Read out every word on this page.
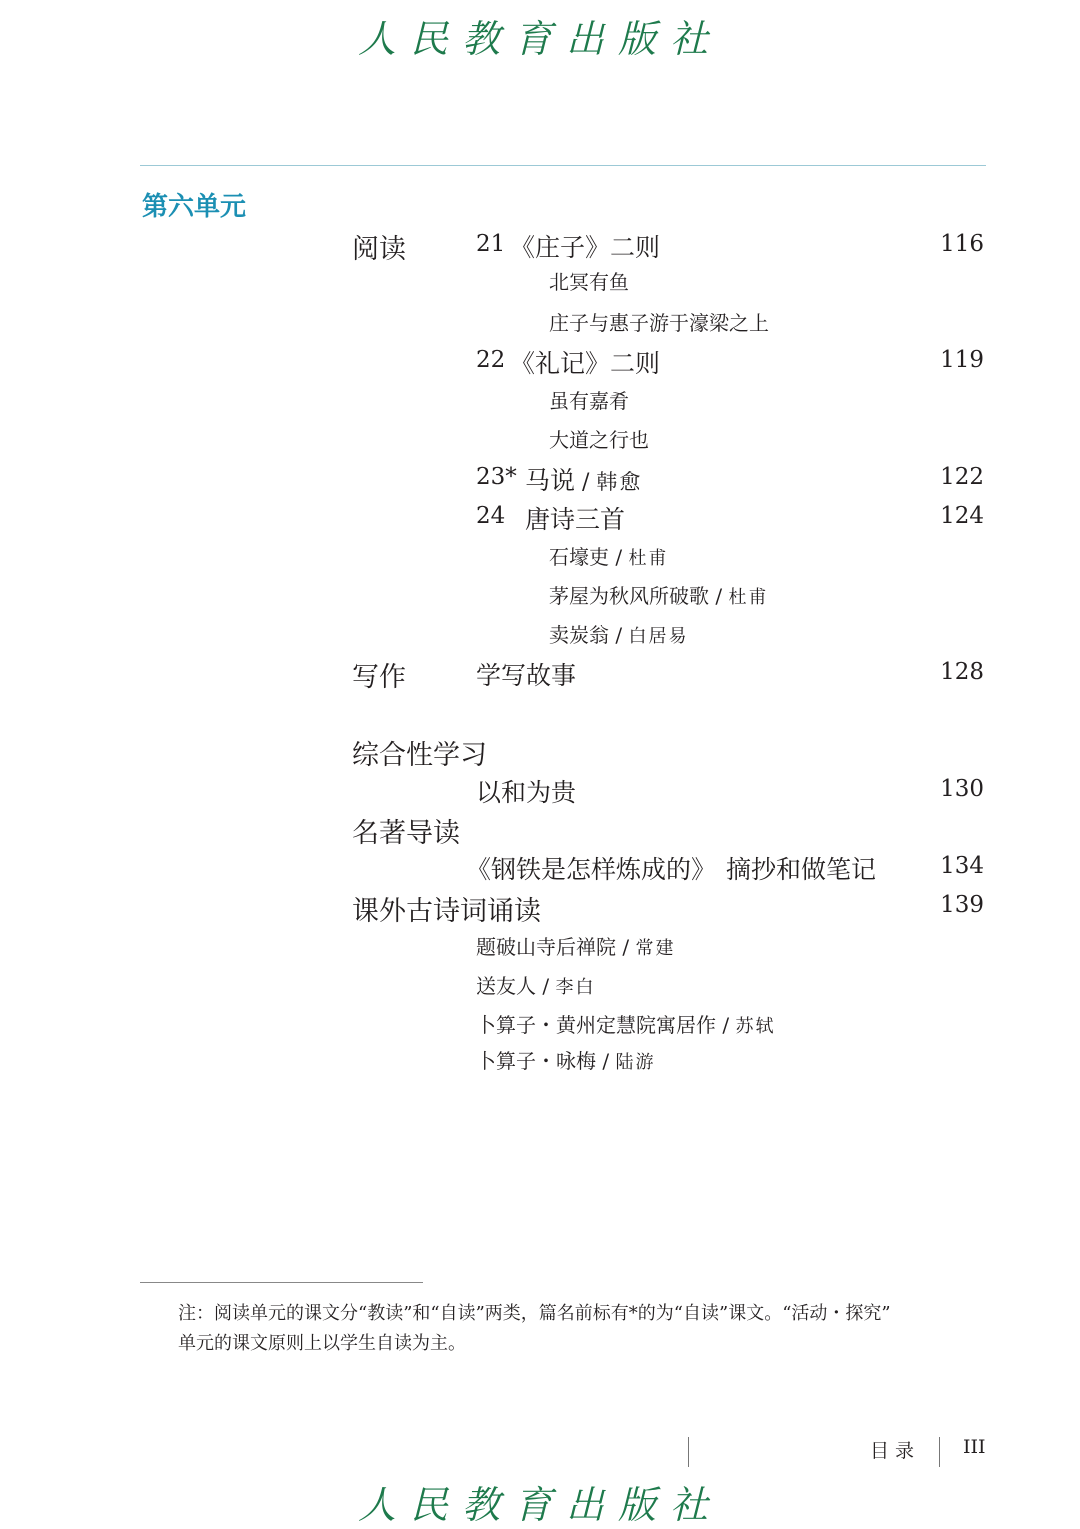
人民教育出版社
第六单元
阅读	21 《庄子》二则	116
北冥有鱼
庄子与惠子游于濠梁之上
22 《礼记》二则	119
虽有嘉肴
大道之行也
23* 马说 / 韩愈	122
24 唐诗三首	124
石壕吏 / 杜甫
茅屋为秋风所破歌 / 杜甫
卖炭翁 / 白居易
写作	学写故事	128
综合性学习
以和为贵	130
名著导读
《钢铁是怎样炼成的》 摘抄和做笔记	134
课外古诗词诵读	139
题破山寺后禅院 / 常建
送友人 / 李白
卜算子・黄州定慧院寓居作 / 苏轼
卜算子・咏梅 / 陆游
注：阅读单元的课文分“教读”和“自读”两类，篇名前标有*的为“自读”课文。“活动・探究”
单元的课文原则上以学生自读为主。
目 录	III
人民教育出版社
